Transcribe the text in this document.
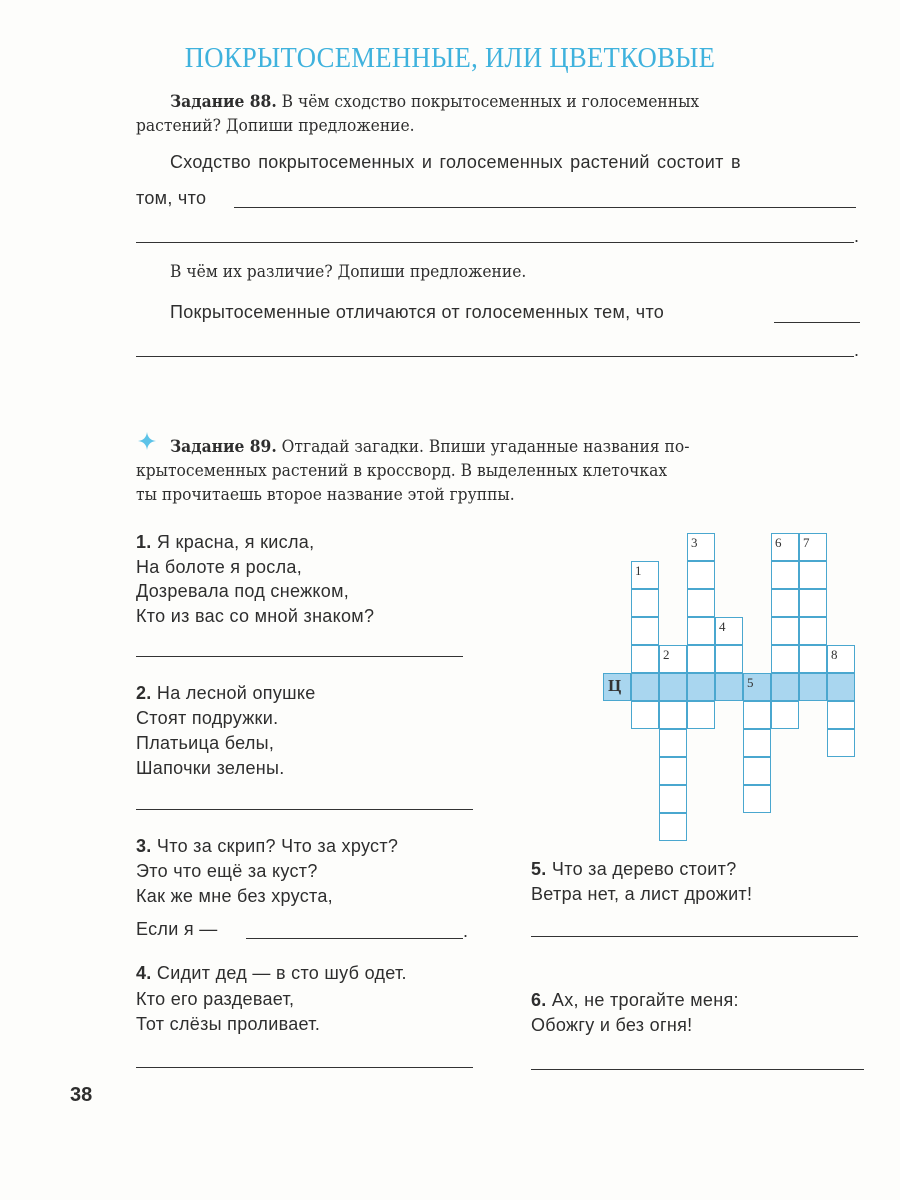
ПОКРЫТОСЕМЕННЫЕ, ИЛИ ЦВЕТКОВЫЕ
Задание 88. В чём сходство покрытосеменных и голосеменных
растений? Допиши предложение.
Сходство покрытосеменных и голосеменных растений состоит в
том, что
.
В чём их различие? Допиши предложение.
Покрытосеменные отличаются от голосеменных тем, что
.
Задание 89. Отгадай загадки. Впиши угаданные названия по-
крытосеменных растений в кроссворд. В выделенных клеточках
ты прочитаешь второе название этой группы.
1. Я красна, я кисла,
На болоте я росла,
Дозревала под снежком,
Кто из вас со мной знаком?
2. На лесной опушке
Стоят подружки.
Платьица белы,
Шапочки зелены.
3. Что за скрип? Что за хруст?
Это что ещё за куст?
Как же мне без хруста,
Если я —	.
4. Сидит дед — в сто шуб одет.
Кто его раздевает,
Тот слёзы проливает.
5. Что за дерево стоит?
Ветра нет, а лист дрожит!
6. Ах, не трогайте меня:
Обожгу и без огня!
1
2
3
4
5
6 7
8
Ц
38
